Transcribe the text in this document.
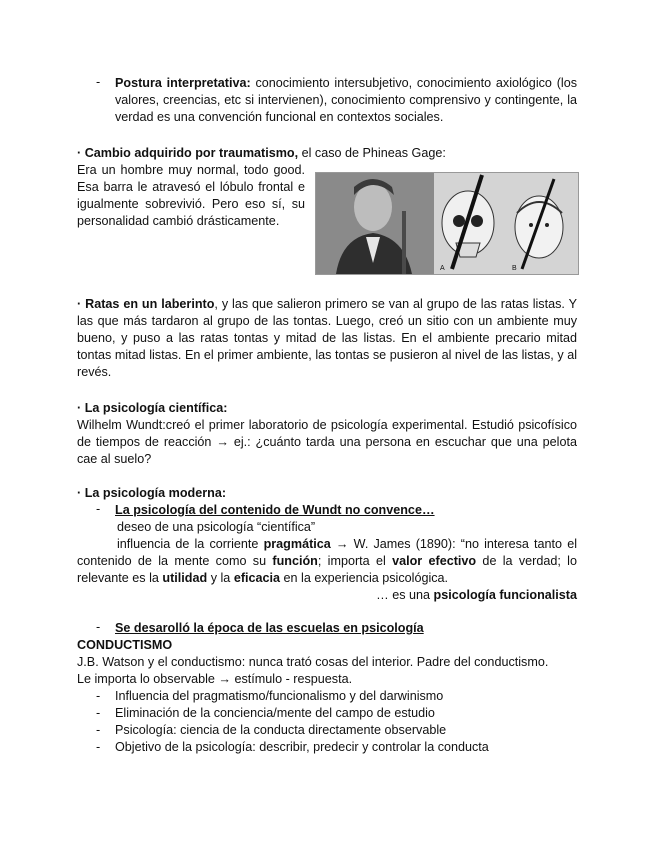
-	Postura interpretativa: conocimiento intersubjetivo, conocimiento axiológico (los valores, creencias, etc si intervienen), conocimiento comprensivo y contingente, la verdad es una convención funcional en contextos sociales.

· Cambio adquirido por traumatismo, el caso de Phineas Gage:

Era un hombre muy normal, todo good. Esa barra le atravesó el lóbulo frontal e igualmente sobrevivió. Pero eso sí, su personalidad cambió drásticamente.

A	B

· Ratas en un laberinto, y las que salieron primero se van al grupo de las ratas listas. Y las que más tardaron al grupo de las tontas. Luego, creó un sitio con un ambiente muy bueno, y puso a las ratas tontas y mitad de las listas. En el ambiente precario mitad tontas mitad listas. En el primer ambiente, las tontas se pusieron al nivel de las listas, y al revés.

· La psicología científica:

Wilhelm Wundt:creó el primer laboratorio de psicología experimental. Estudió psicofísico de tiempos de reacción → ej.: ¿cuánto tarda una persona en escuchar que una pelota cae al suelo?

· La psicología moderna:

-	La psicología del contenido de Wundt no convence…

deseo de una psicología “científica”

influencia de la corriente pragmática → W. James (1890): “no interesa tanto el contenido de la mente como su función; importa el valor efectivo de la verdad; lo relevante es la utilidad y la eficacia en la experiencia psicológica.

… es una psicología funcionalista

-	Se desarolló la época de las escuelas en psicología

CONDUCTISMO

J.B. Watson y el conductismo: nunca trató cosas del interior. Padre del conductismo.

Le importa lo observable → estímulo - respuesta.

- Influencia del pragmatismo/funcionalismo y del darwinismo
- Eliminación de la conciencia/mente del campo de estudio
- Psicología: ciencia de la conducta directamente observable
- Objetivo de la psicología: describir, predecir y controlar la conducta
